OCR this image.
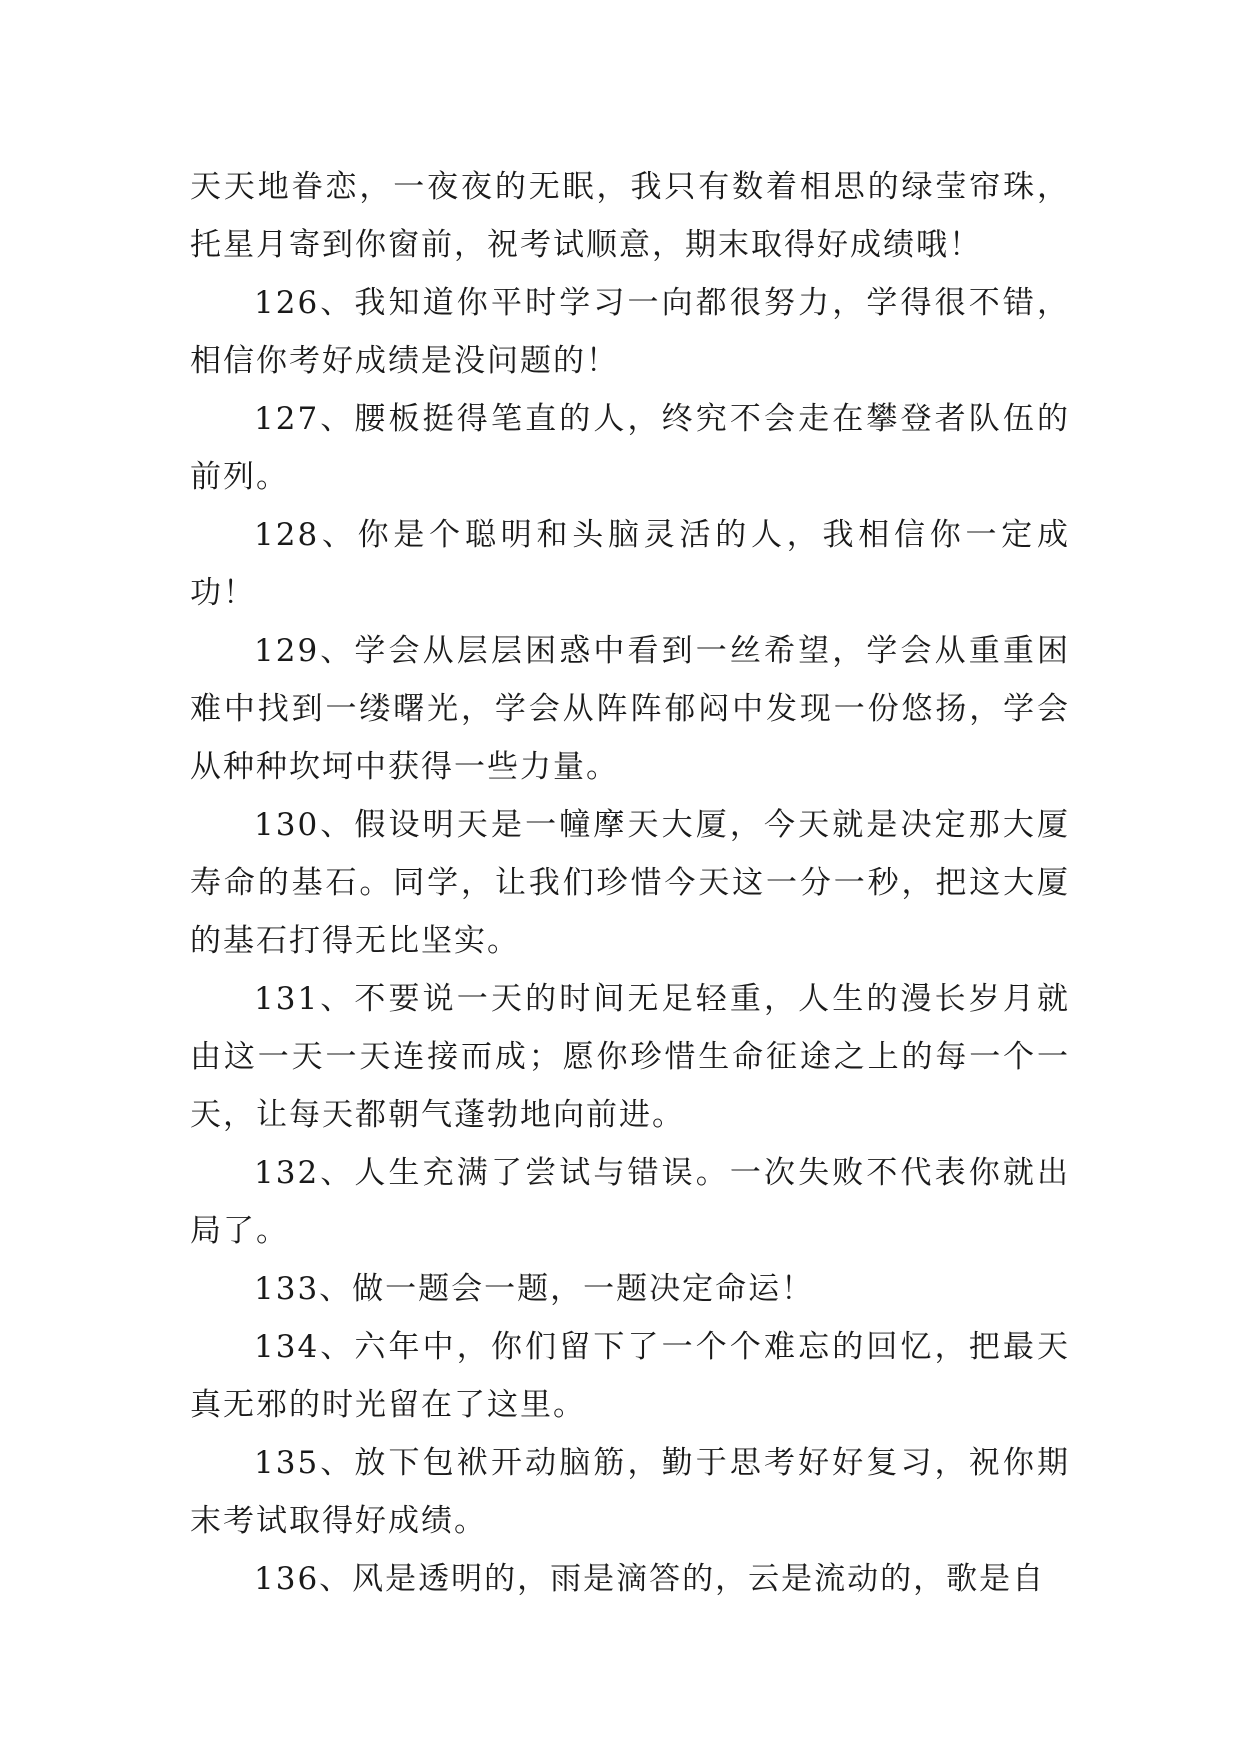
天天地眷恋，一夜夜的无眠，我只有数着相思的绿莹帘珠，托星月寄到你窗前，祝考试顺意，期末取得好成绩哦！

126、我知道你平时学习一向都很努力，学得很不错，相信你考好成绩是没问题的！

127、腰板挺得笔直的人，终究不会走在攀登者队伍的前列。

128、你是个聪明和头脑灵活的人，我相信你一定成功！

129、学会从层层困惑中看到一丝希望，学会从重重困难中找到一缕曙光，学会从阵阵郁闷中发现一份悠扬，学会从种种坎坷中获得一些力量。

130、假设明天是一幢摩天大厦，今天就是决定那大厦寿命的基石。同学，让我们珍惜今天这一分一秒，把这大厦的基石打得无比坚实。

131、不要说一天的时间无足轻重，人生的漫长岁月就由这一天一天连接而成；愿你珍惜生命征途之上的每一个一天，让每天都朝气蓬勃地向前进。

132、人生充满了尝试与错误。一次失败不代表你就出局了。

133、做一题会一题，一题决定命运！

134、六年中，你们留下了一个个难忘的回忆，把最天真无邪的时光留在了这里。

135、放下包袱开动脑筋，勤于思考好好复习，祝你期末考试取得好成绩。

136、风是透明的，雨是滴答的，云是流动的，歌是自
